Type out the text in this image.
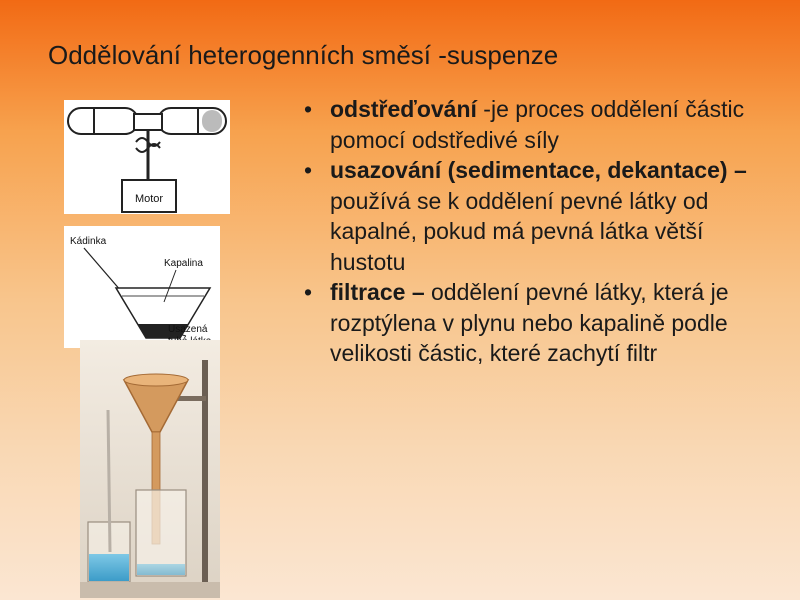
Oddělování heterogenních směsí -suspenze
Motor
Kádinka
Kapalina
Usazená
• odstřeďování -je proces oddělení částic pomocí odstředivé síly
• usazování (sedimentace, dekantace) – používá se k oddělení pevné látky od kapalné, pokud má pevná látka větší hustotu
• filtrace – oddělení pevné látky, která je rozptýlena v plynu nebo kapalině podle velikosti částic, které zachytí filtr
